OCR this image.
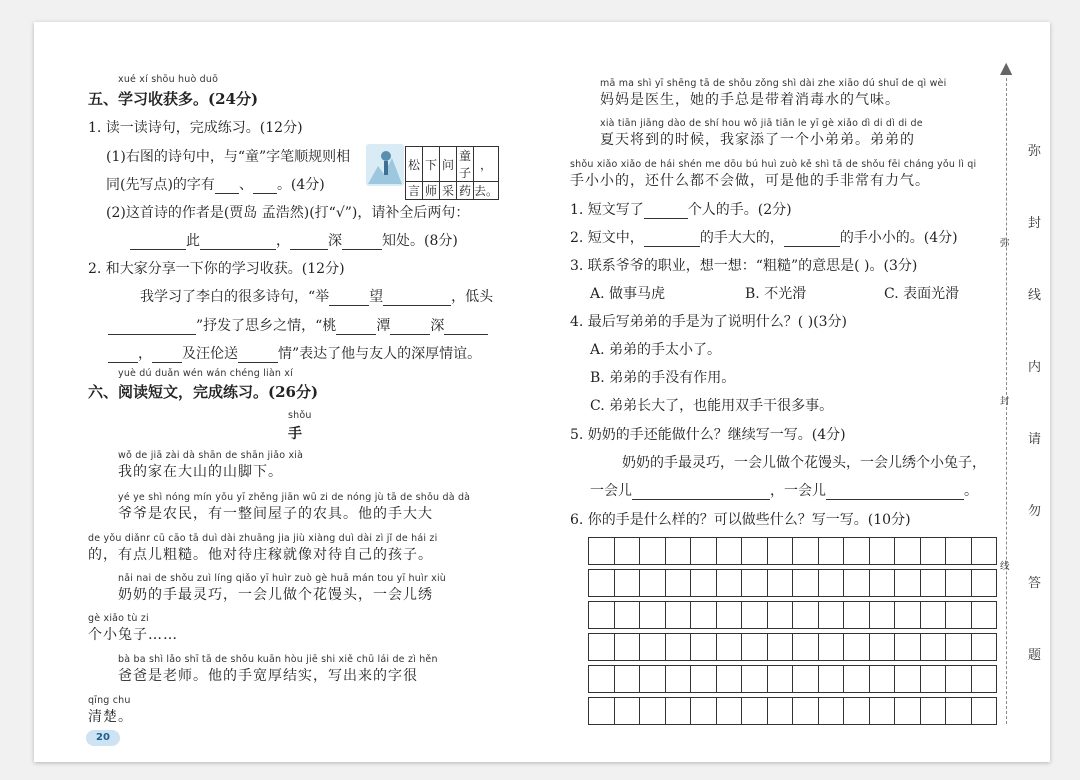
xué xí shōu huò duō
五、学习收获多。(24分)
1. 读一读诗句，完成练习。(12分)
(1)右图的诗句中，与“童”字笔顺规则相
同(先写点)的字有 、 。(4分)
松	下	问	童子	，
言	师	采	药	去。
(2)这首诗的作者是(贾岛 孟浩然)(打“√”)，请补全后两句：
此	，	深	知处。(8分)
2. 和大家分享一下你的学习收获。(12分)
我学习了李白的很多诗句，“举	望	，低头
”抒发了思乡之情，“桃	潭	深
， 及汪伦送	情”表达了他与友人的深厚情谊。
yuè dú duǎn wén wán chéng liàn xí
六、阅读短文，完成练习。(26分)
shǒu
手
wǒ de jiā zài dà shān de shān jiǎo xià
我的家在大山的山脚下。
yé ye shì nóng mín yǒu yī zhěng jiān wū zi de nóng jù tā de shǒu dà dà
爷爷是农民，有一整间屋子的农具。他的手大大
de yǒu diǎnr cū cāo tā duì dài zhuāng jia jiù xiàng duì dài zì jǐ de hái zi
的，有点儿粗糙。他对待庄稼就像对待自己的孩子。
nǎi nai de shǒu zuì líng qiǎo yī huìr zuò gè huā mán tou yī huìr xiù
奶奶的手最灵巧，一会儿做个花馒头，一会儿绣
gè xiǎo tù zi
个小兔子……
bà ba shì lǎo shī tā de shǒu kuān hòu jiē shi xiě chū lái de zì hěn
爸爸是老师。他的手宽厚结实，写出来的字很
qīng chu
清楚。
20
mā ma shì yī shēng tā de shǒu zǒng shì dài zhe xiāo dú shuǐ de qì wèi
妈妈是医生，她的手总是带着消毒水的气味。
xià tiān jiāng dào de shí hou wǒ jiā tiān le yī gè xiǎo dì di dì di de
夏天将到的时候，我家添了一个小弟弟。弟弟的
shǒu xiǎo xiǎo de hái shén me dōu bú huì zuò kě shì tā de shǒu fēi cháng yǒu lì qi
手小小的，还什么都不会做，可是他的手非常有力气。
1. 短文写了	个人的手。(2分)
2. 短文中，	的手大大的，	的手小小的。(4分)
3. 联系爷爷的职业，想一想：“粗糙”的意思是( )。(3分)
A. 做事马虎	B. 不光滑	C. 表面光滑
4. 最后写弟弟的手是为了说明什么？( )(3分)
A. 弟弟的手太小了。
B. 弟弟的手没有作用。
C. 弟弟长大了，也能用双手干很多事。
5. 奶奶的手还能做什么？继续写一写。(4分)
奶奶的手最灵巧，一会儿做个花馒头，一会儿绣个小兔子，
一会儿	，一会儿	。
6. 你的手是什么样的？可以做些什么？写一写。(10分)

▲
弥
封
线
弥
封
线
内
请
勿
答
题
